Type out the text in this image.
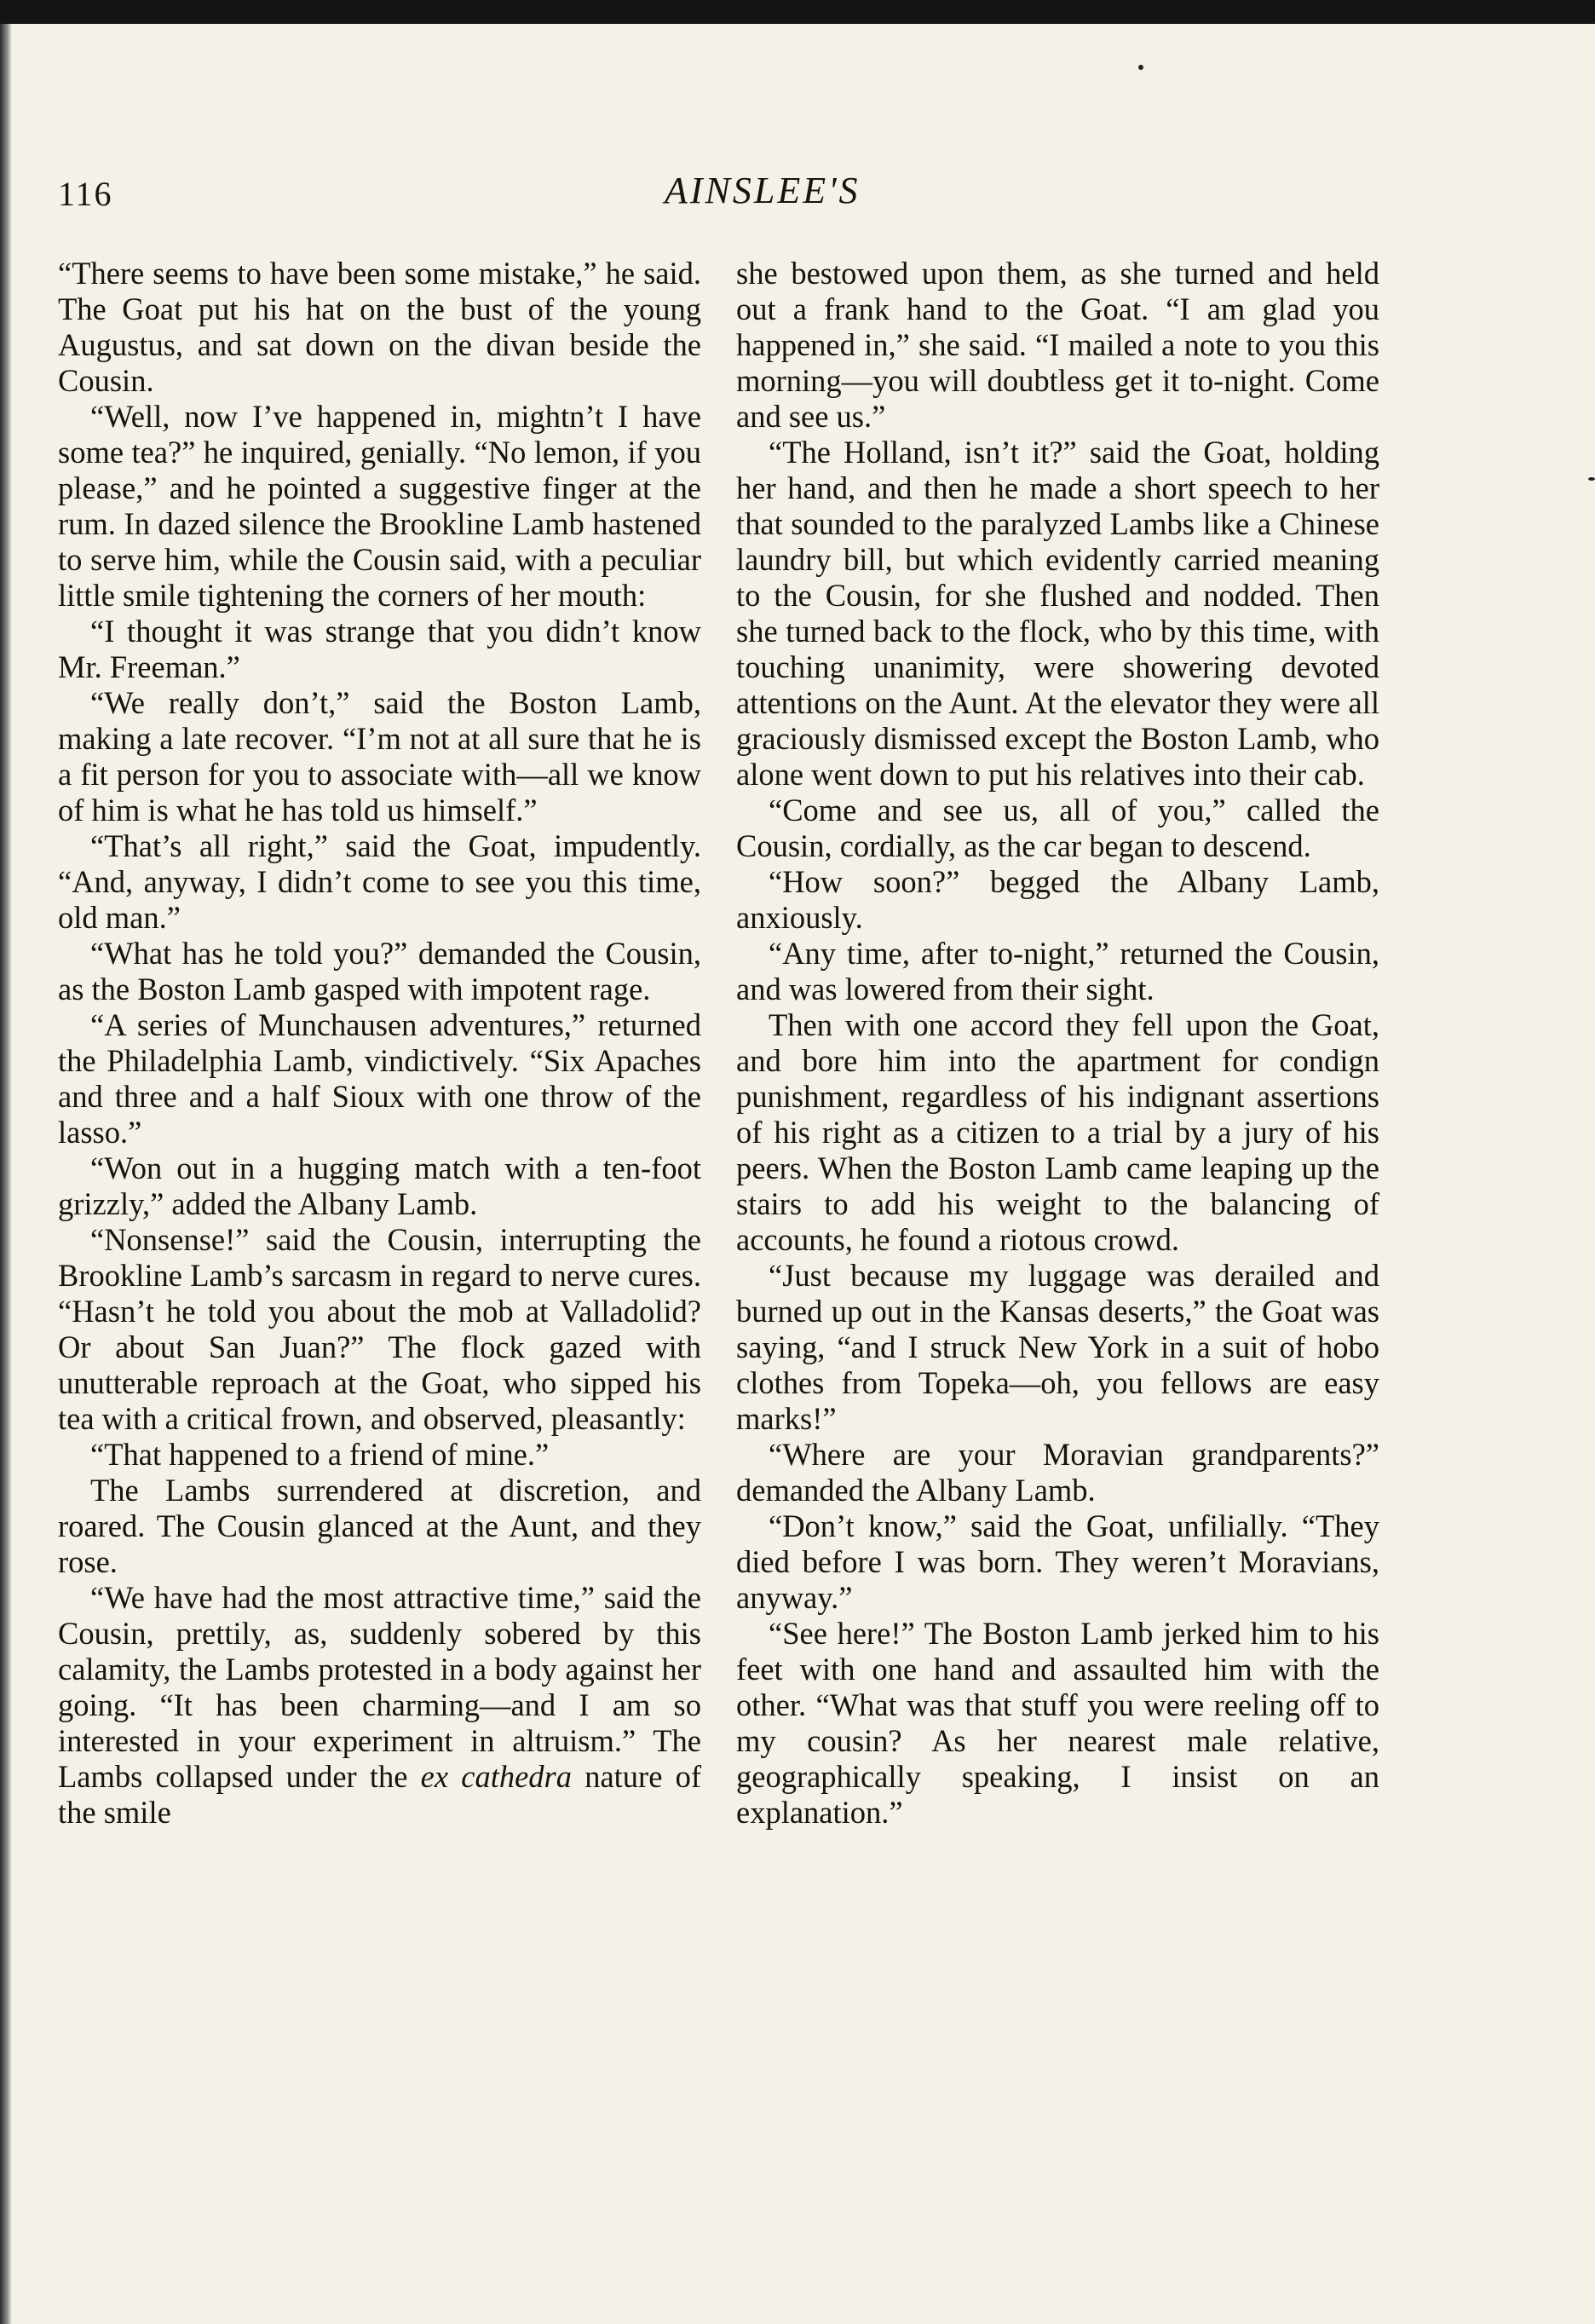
116	AINSLEE'S

“There seems to have been some mistake,” he said. The Goat put his hat on the bust of the young Augustus, and sat down on the divan beside the Cousin.

“Well, now I’ve happened in, mightn’t I have some tea?” he inquired, genially. “No lemon, if you please,” and he pointed a suggestive finger at the rum. In dazed silence the Brookline Lamb hastened to serve him, while the Cousin said, with a peculiar little smile tightening the corners of her mouth:

“I thought it was strange that you didn’t know Mr. Freeman.”

“We really don’t,” said the Boston Lamb, making a late recover. “I’m not at all sure that he is a fit person for you to associate with—all we know of him is what he has told us himself.”

“That’s all right,” said the Goat, impudently. “And, anyway, I didn’t come to see you this time, old man.”

“What has he told you?” demanded the Cousin, as the Boston Lamb gasped with impotent rage.

“A series of Munchausen adventures,” returned the Philadelphia Lamb, vindictively. “Six Apaches and three and a half Sioux with one throw of the lasso.”

“Won out in a hugging match with a ten-foot grizzly,” added the Albany Lamb.

“Nonsense!” said the Cousin, interrupting the Brookline Lamb’s sarcasm in regard to nerve cures. “Hasn’t he told you about the mob at Valladolid? Or about San Juan?” The flock gazed with unutterable reproach at the Goat, who sipped his tea with a critical frown, and observed, pleasantly:

“That happened to a friend of mine.”

The Lambs surrendered at discretion, and roared. The Cousin glanced at the Aunt, and they rose.

“We have had the most attractive time,” said the Cousin, prettily, as, suddenly sobered by this calamity, the Lambs protested in a body against her going. “It has been charming—and I am so interested in your experiment in altruism.” The Lambs collapsed under the ex cathedra nature of the smile

she bestowed upon them, as she turned and held out a frank hand to the Goat. “I am glad you happened in,” she said. “I mailed a note to you this morning—you will doubtless get it to-night. Come and see us.”

“The Holland, isn’t it?” said the Goat, holding her hand, and then he made a short speech to her that sounded to the paralyzed Lambs like a Chinese laundry bill, but which evidently carried meaning to the Cousin, for she flushed and nodded. Then she turned back to the flock, who by this time, with touching unanimity, were showering devoted attentions on the Aunt. At the elevator they were all graciously dismissed except the Boston Lamb, who alone went down to put his relatives into their cab.

“Come and see us, all of you,” called the Cousin, cordially, as the car began to descend.

“How soon?” begged the Albany Lamb, anxiously.

“Any time, after to-night,” returned the Cousin, and was lowered from their sight.

Then with one accord they fell upon the Goat, and bore him into the apartment for condign punishment, regardless of his indignant assertions of his right as a citizen to a trial by a jury of his peers. When the Boston Lamb came leaping up the stairs to add his weight to the balancing of accounts, he found a riotous crowd.

“Just because my luggage was derailed and burned up out in the Kansas deserts,” the Goat was saying, “and I struck New York in a suit of hobo clothes from Topeka—oh, you fellows are easy marks!”

“Where are your Moravian grandparents?” demanded the Albany Lamb.

“Don’t know,” said the Goat, unfilially. “They died before I was born. They weren’t Moravians, anyway.”

“See here!” The Boston Lamb jerked him to his feet with one hand and assaulted him with the other. “What was that stuff you were reeling off to my cousin? As her nearest male relative, geographically speaking, I insist on an explanation.”
